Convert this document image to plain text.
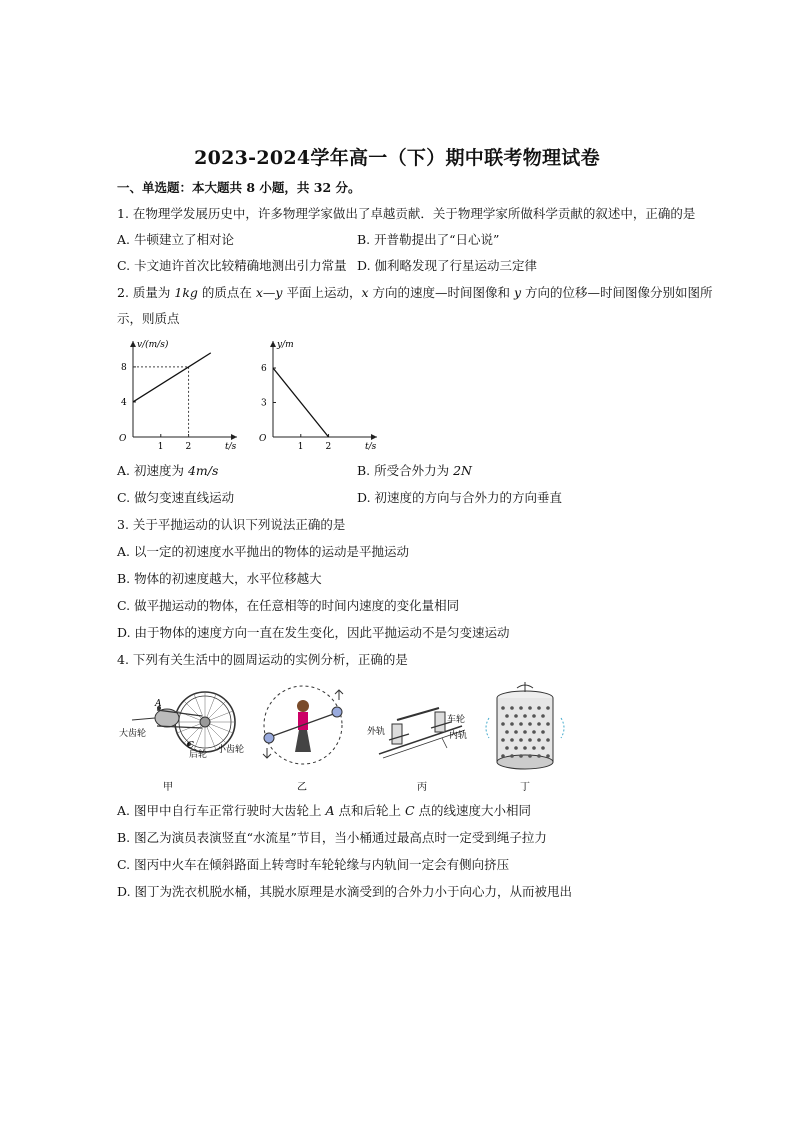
2023-2024学年高一（下）期中联考物理试卷
一、单选题：本大题共 8 小题，共 32 分。
1. 在物理学发展历史中，许多物理学家做出了卓越贡献．关于物理学家所做科学贡献的叙述中，正确的是
A. 牛顿建立了相对论	B. 开普勒提出了“日心说”
C. 卡文迪许首次比较精确地测出引力常量 D. 伽利略发现了行星运动三定律
2. 质量为 1kg 的质点在 x—y 平面上运动，x 方向的速度—时间图像和 y 方向的位移—时间图像分别如图所
示，则质点
v/(m/s)
t/s
O
1 2
4
8
y/m
t/s
O
1 2
3
6
A. 初速度为 4m/s	B. 所受合外力为 2N
C. 做匀变速直线运动	D. 初速度的方向与合外力的方向垂直
3. 关于平抛运动的认识下列说法正确的是
A. 以一定的初速度水平抛出的物体的运动是平抛运动
B. 物体的初速度越大，水平位移越大
C. 做平抛运动的物体，在任意相等的时间内速度的变化量相同
D. 由于物体的速度方向一直在发生变化，因此平抛运动不是匀变速运动
4. 下列有关生活中的圆周运动的实例分析，正确的是
A
C
大齿轮
后轮 小齿轮
甲	乙
外轨
车轮
内轨
丙	丁
A. 图甲中自行车正常行驶时大齿轮上 A 点和后轮上 C 点的线速度大小相同
B. 图乙为演员表演竖直“水流星”节目，当小桶通过最高点时一定受到绳子拉力
C. 图丙中火车在倾斜路面上转弯时车轮轮缘与内轨间一定会有侧向挤压
D. 图丁为洗衣机脱水桶，其脱水原理是水滴受到的合外力小于向心力，从而被甩出
